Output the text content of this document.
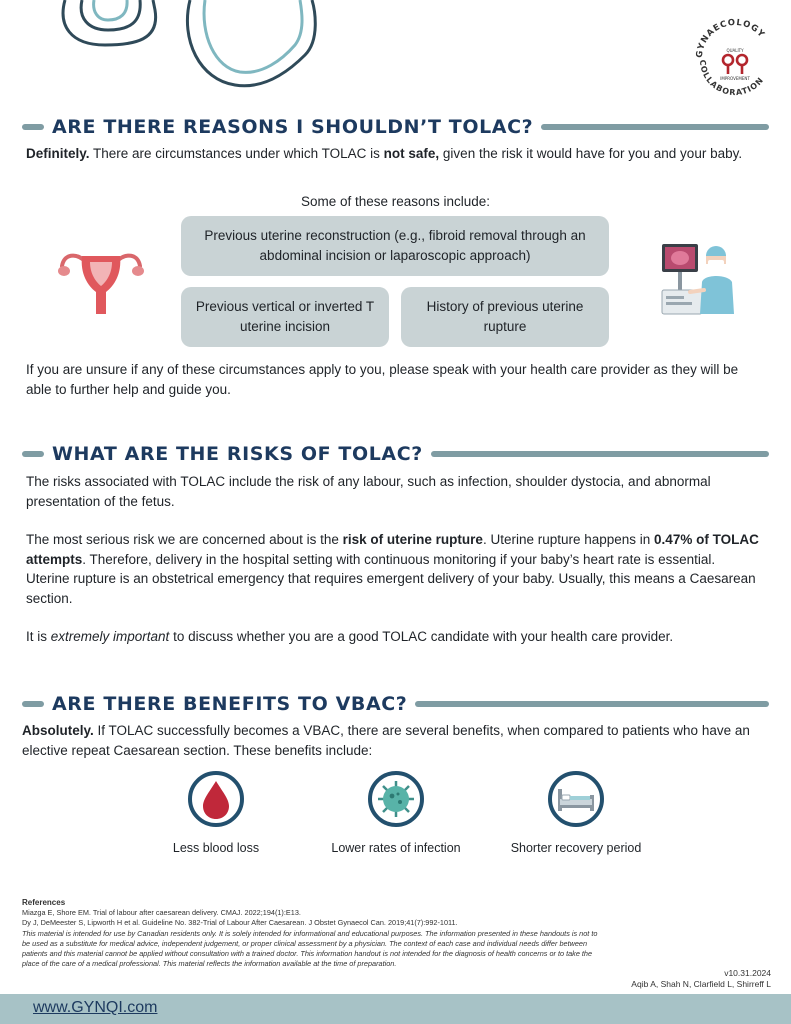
GYNAECOLOGY
COLLABORATION
QUALITY
IMPROVEMENT
ARE THERE REASONS I SHOULDN’T TOLAC?
Definitely. There are circumstances under which TOLAC is not safe, given the risk it would have for you and your baby.
Some of these reasons include:
Previous uterine reconstruction (e.g., fibroid removal through an abdominal incision or laparoscopic approach)
Previous vertical or inverted T uterine incision
History of previous uterine rupture
If you are unsure if any of these circumstances apply to you, please speak with your health care provider as they will be able to further help and guide you.
WHAT ARE THE RISKS OF TOLAC?
The risks associated with TOLAC include the risk of any labour, such as infection, shoulder dystocia, and abnormal presentation of the fetus.
The most serious risk we are concerned about is the risk of uterine rupture. Uterine rupture happens in 0.47% of TOLAC attempts. Therefore, delivery in the hospital setting with continuous monitoring if your baby’s heart rate is essential. Uterine rupture is an obstetrical emergency that requires emergent delivery of your baby. Usually, this means a Caesarean section.
It is extremely important to discuss whether you are a good TOLAC candidate with your health care provider.
ARE THERE BENEFITS TO VBAC?
Absolutely. If TOLAC successfully becomes a VBAC, there are several benefits, when compared to patients who have an elective repeat Caesarean section. These benefits include:
Less blood loss	Lower rates of infection	Shorter recovery period
References
Miazga E, Shore EM. Trial of labour after caesarean delivery. CMAJ. 2022;194(1):E13.
Dy J, DeMeester S, Lipworth H et al. Guideline No. 382-Trial of Labour After Caesarean. J Obstet Gynaecol Can. 2019;41(7):992-1011.
This material is intended for use by Canadian residents only. It is solely intended for informational and educational purposes. The information presented in these handouts is not to be used as a substitute for medical advice, independent judgement, or proper clinical assessment by a physician. The context of each case and individual needs differ between patients and this material cannot be applied without consultation with a trained doctor. This information handout is not intended for the diagnosis of health concerns or to take the place of the care of a medical professional. This material reflects the information available at the time of preparation.
v10.31.2024
Aqib A, Shah N, Clarfield L, Shirreff L
www.GYNQI.com
